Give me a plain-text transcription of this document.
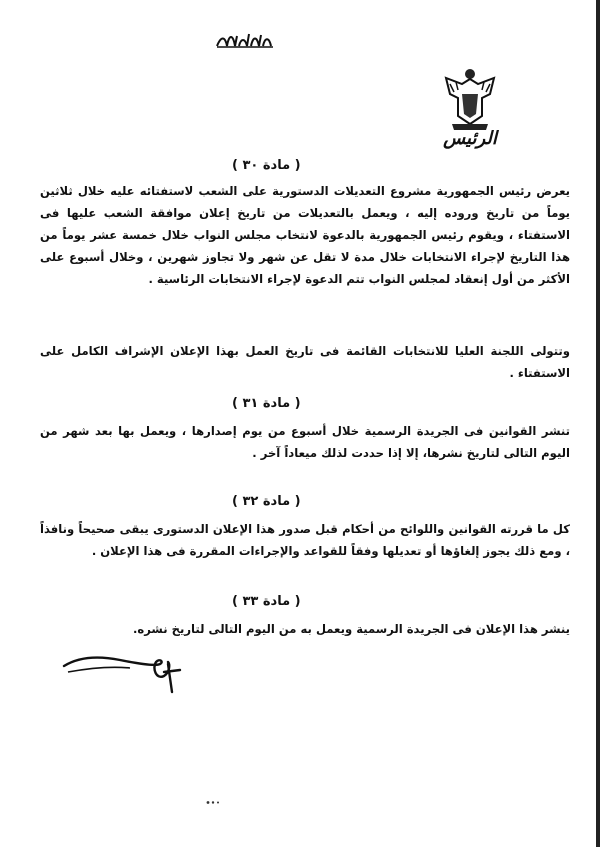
الرئيس
( مادة ٣٠ )

يعرض رئيس الجمهورية مشروع التعديلات الدستورية على الشعب لاستفتائه عليه خلال ثلاثين يوماً من تاريخ وروده إليه ، ويعمل بالتعديلات من تاريخ إعلان موافقة الشعب عليها فى الاستفتاء ، ويقوم رئيس الجمهورية بالدعوة لانتخاب مجلس النواب خلال خمسة عشر يوماً من هذا التاريخ لإجراء الانتخابات خلال مدة لا تقل عن شهر ولا تجاوز شهرين ، وخلال أسبوع على الأكثر من أول إنعقاد لمجلس النواب تتم الدعوة لإجراء الانتخابات الرئاسية .

وتتولى اللجنة العليا للانتخابات القائمة فى تاريخ العمل بهذا الإعلان الإشراف الكامل على الاستفتاء .

( مادة ٣١ )

تنشر القوانين فى الجريدة الرسمية خلال أسبوع من يوم إصدارها ، ويعمل بها بعد شهر من اليوم التالى لتاريخ نشرها، إلا إذا حددت لذلك ميعاداً آخر .

( مادة ٣٢ )

كل ما قررته القوانين واللوائح من أحكام قبل صدور هذا الإعلان الدستورى يبقى صحيحاً ونافذاً ، ومع ذلك يجوز إلغاؤها أو تعديلها وفقاً للقواعد والإجراءات المقررة فى هذا الإعلان .

( مادة ٣٣ )

ينشر هذا الإعلان فى الجريدة الرسمية ويعمل به من اليوم التالى لتاريخ نشره.
